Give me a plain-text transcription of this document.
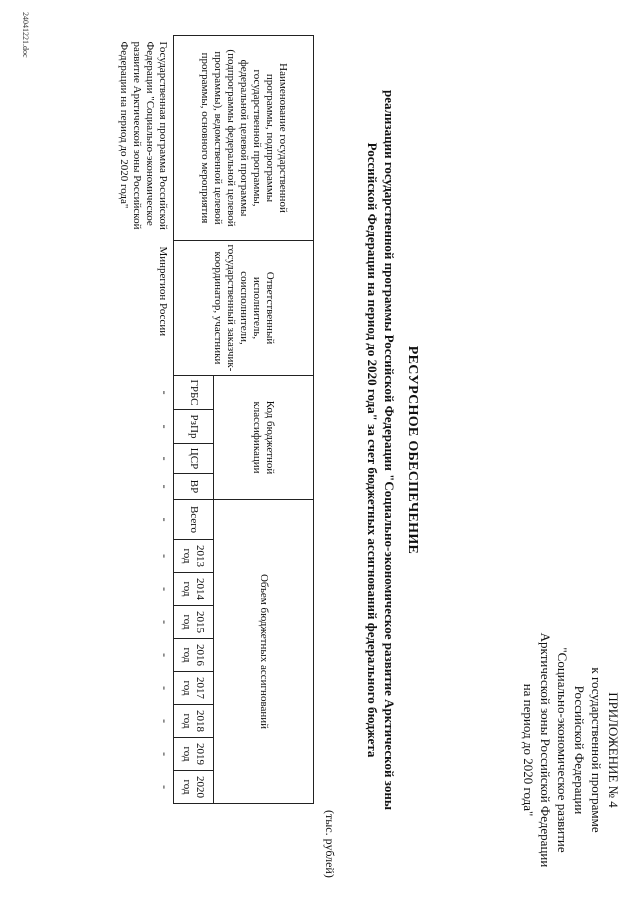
ПРИЛОЖЕНИЕ № 4
к государственной программе
Российской Федерации
"Социально-экономическое развитие
Арктической зоны Российской Федерации
на период до 2020 года"
РЕСУРСНОЕ ОБЕСПЕЧЕНИЕ
реализации государственной программы Российской Федерации "Социально-экономическое развитие Арктической зоны
Российской Федерации на период до 2020 года" за счет бюджетных ассигнований федерального бюджета
(тыс. рублей)
Наименование государственной программы, подпрограммы государственной программы, федеральной целевой программы (подпрограммы федеральной целевой программы), ведомственной целевой программы, основного мероприятия	Ответственный исполнитель, соисполнители, государственный заказчик-координатор, участники	Код бюджетной классификации				Объем бюджетных ассигнований								
		ГРБС	РзПр	ЦСР	ВР	Всего	2013 год	2014 год	2015 год	2016 год	2017 год	2018 год	2019 год	2020 год
Государственная программа Российской Федерации "Социально-экономическое развитие Арктической зоны Российской Федерации на период до 2020 года"	Минрегион России	-	-	-	-	-	-	-	-	-	-	-	-	-
24041221.doc
